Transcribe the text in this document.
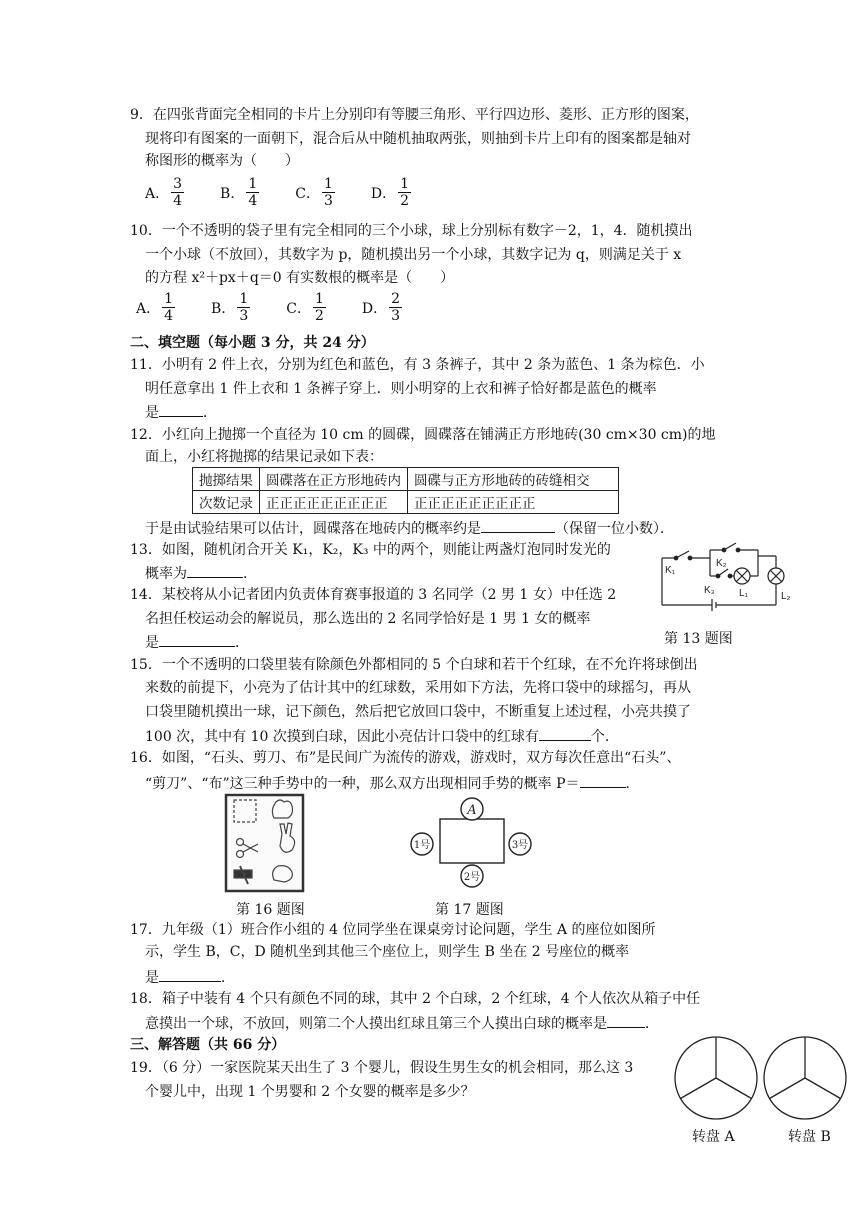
9．在四张背面完全相同的卡片上分别印有等腰三角形、平行四边形、菱形、正方形的图案，
现将印有图案的一面朝下，混合后从中随机抽取两张，则抽到卡片上印有的图案都是轴对
称图形的概率为（　　）
A． $\frac{3}{4}$	B． $\frac{1}{4}$	C． $\frac{1}{3}$	D． $\frac{1}{2}$
10．一个不透明的袋子里有完全相同的三个小球，球上分别标有数字－2，1，4．随机摸出
一个小球（不放回），其数字为 p，随机摸出另一个小球，其数字记为 q，则满足关于 x
的方程 x²＋px＋q＝0 有实数根的概率是（　　）
A． $\frac{1}{4}$	B． $\frac{1}{3}$	C． $\frac{1}{2}$	D． $\frac{2}{3}$
二、填空题（每小题 3 分，共 24 分）
11．小明有 2 件上衣，分别为红色和蓝色，有 3 条裤子，其中 2 条为蓝色、1 条为棕色．小
明任意拿出 1 件上衣和 1 条裤子穿上．则小明穿的上衣和裤子恰好都是蓝色的概率
是	．
12．小红向上抛掷一个直径为 10 cm 的圆碟，圆碟落在铺满正方形地砖(30 cm×30 cm)的地
面上，小红将抛掷的结果记录如下表：
抛掷结果	圆碟落在正方形地砖内	圆碟与正方形地砖的砖缝相交
次数记录	正正正正正正正正正	正正正正正正正正正
于是由试验结果可以估计，圆碟落在地砖内的概率约是	（保留一位小数）．
13．如图，随机闭合开关 K₁，K₂，K₃ 中的两个，则能让两盏灯泡同时发光的
概率为	．	K₁
K₂
K₃ L₁	L₂
第 13 题图
14．某校将从小记者团内负责体育赛事报道的 3 名同学（2 男 1 女）中任选 2
名担任校运动会的解说员，那么选出的 2 名同学恰好是 1 男 1 女的概率
是	．
15．一个不透明的口袋里装有除颜色外都相同的 5 个白球和若干个红球，在不允许将球倒出
来数的前提下，小亮为了估计其中的红球数，采用如下方法，先将口袋中的球摇匀，再从
口袋里随机摸出一球，记下颜色，然后把它放回口袋中，不断重复上述过程，小亮共摸了
100 次，其中有 10 次摸到白球，因此小亮估计口袋中的红球有	个.
16．如图，“石头、剪刀、布”是民间广为流传的游戏，游戏时，双方每次任意出“石头”、
“剪刀”、“布”这三种手势中的一种，那么双方出现相同手势的概率 P＝	．
第 16 题图
A
1号	3号
2号
第 17 题图
17．九年级（1）班合作小组的 4 位同学坐在课桌旁讨论问题，学生 A 的座位如图所
示，学生 B，C，D 随机坐到其他三个座位上，则学生 B 坐在 2 号座位的概率
是	．
18．箱子中装有 4 个只有颜色不同的球，其中 2 个白球，2 个红球，4 个人依次从箱子中任
意摸出一个球，不放回，则第二个人摸出红球且第三个人摸出白球的概率是	．
三、解答题（共 66 分）
19．（6 分）一家医院某天出生了 3 个婴儿，假设生男生女的机会相同，那么这 3
个婴儿中，出现 1 个男婴和 2 个女婴的概率是多少？
转盘 A	转盘 B
